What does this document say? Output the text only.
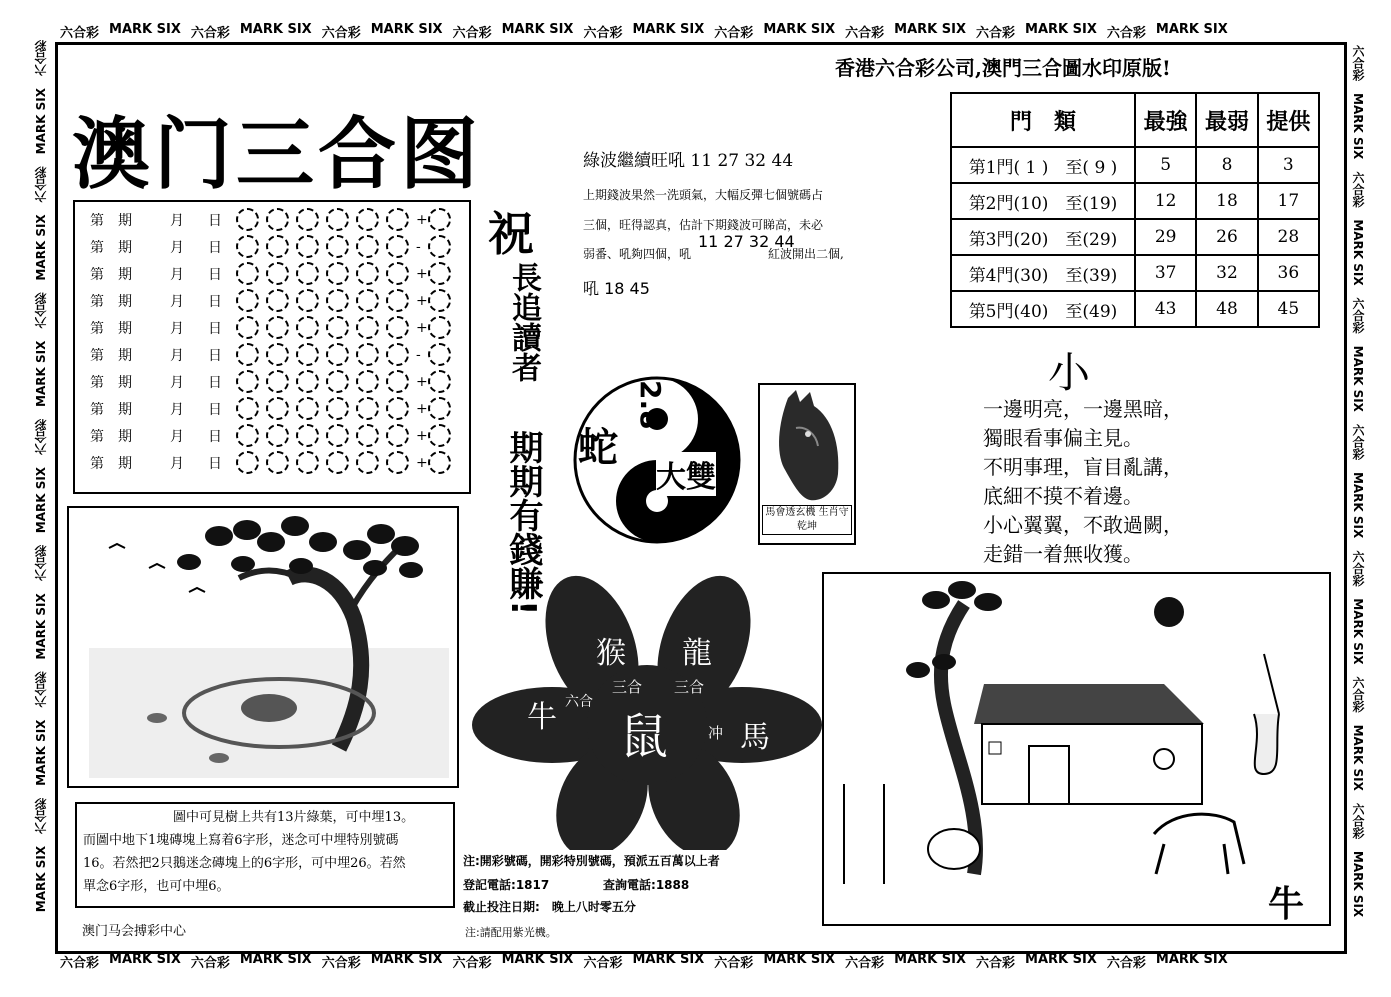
六合彩 MARK SIX 六合彩 MARK SIX 六合彩 MARK SIX 六合彩 MARK SIX 六合彩 MARK SIX 六合彩 MARK SIX 六合彩 MARK SIX 六合彩 MARK SIX 六合彩 MARK SIX
六合彩 MARK SIX 六合彩 MARK SIX 六合彩 MARK SIX 六合彩 MARK SIX 六合彩 MARK SIX 六合彩 MARK SIX 六合彩 MARK SIX 六合彩 MARK SIX 六合彩 MARK SIX
MARK SIX　六合彩　MARK SIX　六合彩　MARK SIX　六合彩　MARK SIX　六合彩　MARK SIX　六合彩　MARK SIX　六合彩　MARK SIX　六合彩	六合彩　MARK SIX　六合彩　MARK SIX　六合彩　MARK SIX　六合彩　MARK SIX　六合彩　MARK SIX　六合彩　MARK SIX　六合彩　MARK SIX
香港六合彩公司,澳門三合圖水印原版!
澳门三合图
第	期	月	日	+
第	期	月	日	-
第	期	月	日	+
第	期	月	日	+
第	期	月	日	+
第	期	月	日	-
第	期	月	日	+
第	期	月	日	+
第	期	月	日	+
第	期	月	日	+
祝
長追讀者
期期有錢賺!
綠波繼續旺吼 11 27 32 44
上期錢波果然一洗頭氣，大幅反彈七個號碼占
三個，旺得認真，估計下期錢波可睇高，未必
弱番、吼夠四個，吼
11 27 32 44
紅波開出二個,
吼 18 45
蛇
2.8
大雙
馬會透玄機 生肖守乾坤
門　類	最強	最弱	提供
第1門( 1 )　至( 9 )	5	8	3
第2門(10)　至(19)	12	18	17
第3門(20)　至(29)	29	26	28
第4門(30)　至(39)	37	32	36
第5門(40)　至(49)	43	48	45
小
一邊明亮，一邊黑暗，
獨眼看事偏主見。
不明事理，盲目亂講，
底細不摸不着邊。
小心翼翼，不敢過闕，
走錯一着無收獲。
圖中可見樹上共有13片綠葉，可中埋13。
而圖中地下1塊磚塊上寫着6字形，迷念可中埋特別號碼
16。若然把2只鵝迷念磚塊上的6字形，可中埋26。若然
單念6字形，也可中埋6。
猴 龍
三合 三合
牛 六合
鼠	冲 馬
注:開彩號碼，開彩特別號碼，預派五百萬以上者
登記電話:1817	查詢電話:1888
截止投注日期:　 晚上八时零五分
注:請配用紫光機。
澳门马会搏彩中心
牛
